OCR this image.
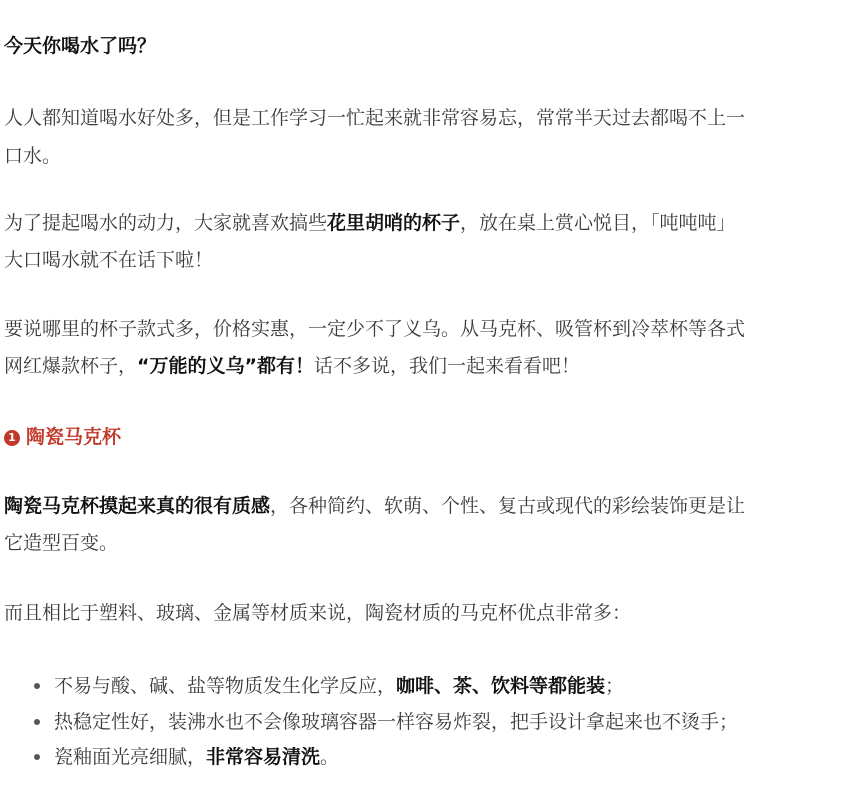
今天你喝水了吗？
人人都知道喝水好处多，但是工作学习一忙起来就非常容易忘，常常半天过去都喝不上一
口水。
为了提起喝水的动力，大家就喜欢搞些花里胡哨的杯子，放在桌上赏心悦目，「吨吨吨」
大口喝水就不在话下啦！
要说哪里的杯子款式多，价格实惠，一定少不了义乌。从马克杯、吸管杯到冷萃杯等各式
网红爆款杯子，“万能的义乌”都有！话不多说，我们一起来看看吧！
1 陶瓷马克杯
陶瓷马克杯摸起来真的很有质感，各种简约、软萌、个性、复古或现代的彩绘装饰更是让
它造型百变。
而且相比于塑料、玻璃、金属等材质来说，陶瓷材质的马克杯优点非常多：
不易与酸、碱、盐等物质发生化学反应，咖啡、茶、饮料等都能装；
热稳定性好，装沸水也不会像玻璃容器一样容易炸裂，把手设计拿起来也不烫手；
瓷釉面光亮细腻，非常容易清洗。
